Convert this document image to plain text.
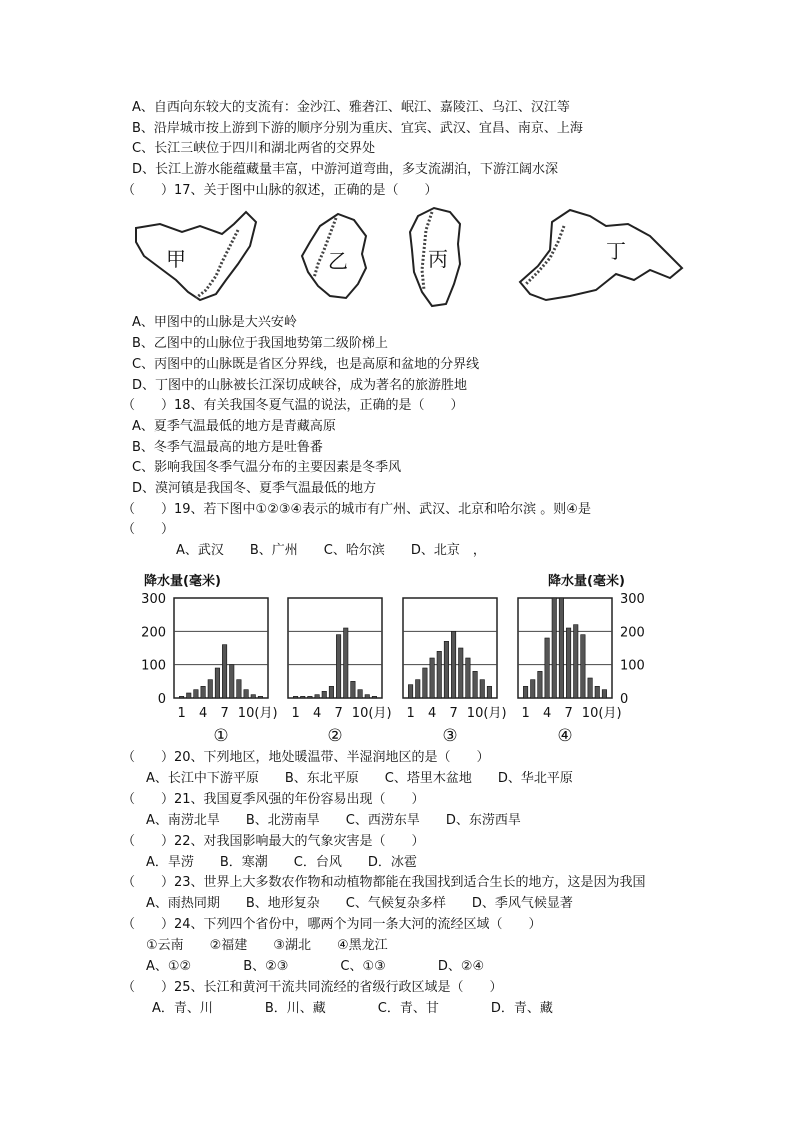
A、自西向东较大的支流有：金沙江、雅砻江、岷江、嘉陵江、乌江、汉江等
B、沿岸城市按上游到下游的顺序分别为重庆、宜宾、武汉、宜昌、南京、上海
C、长江三峡位于四川和湖北两省的交界处
D、长江上游水能蕴藏量丰富，中游河道弯曲，多支流湖泊，下游江阔水深
（　　）17、关于图中山脉的叙述，正确的是（　　）
甲	乙	丙	丁
A、甲图中的山脉是大兴安岭
B、乙图中的山脉位于我国地势第二级阶梯上
C、丙图中的山脉既是省区分界线，也是高原和盆地的分界线
D、丁图中的山脉被长江深切成峡谷，成为著名的旅游胜地
（　　）18、有关我国冬夏气温的说法，正确的是（　　）
A、夏季气温最低的地方是青藏高原
B、冬季气温最高的地方是吐鲁番
C、影响我国冬季气温分布的主要因素是冬季风
D、漠河镇是我国冬、夏季气温最低的地方
（　　）19、若下图中①②③④表示的城市有广州、武汉、北京和哈尔滨 。则④是
（　　）
A、武汉　　B、广州　　C、哈尔滨　　D、北京　，
降水量(毫米)	降水量(毫米)
0	0
100	100
200	200
300	300
1 4 7 10 (月)
①
1 4 7 10 (月)
②
1 4 7 10 (月)
③
1 4 7 10 (月)
④
（　　）20、下列地区，地处暖温带、半湿润地区的是（　　）
A、长江中下游平原　　B、东北平原　　C、塔里木盆地　　D、华北平原
（　　）21、我国夏季风强的年份容易出现（　　）
A、南涝北旱　　B、北涝南旱　　C、西涝东旱　　D、东涝西旱
（　　）22、对我国影响最大的气象灾害是（　　）
A．旱涝　　B．寒潮　　C．台风　　D．冰雹
（　　）23、世界上大多数农作物和动植物都能在我国找到适合生长的地方，这是因为我国
A、雨热同期　　B、地形复杂　　C、气候复杂多样　　D、季风气候显著
（　　）24、下列四个省份中，哪两个为同一条大河的流经区域（　　）
①云南　　②福建　　③湖北　　④黑龙江
A、①②　　　　B、②③　　　　C、①③　　　　D、②④
（　　）25、长江和黄河干流共同流经的省级行政区域是（　　）
A．青、川　　　　B．川、藏　　　　C．青、甘　　　　D．青、藏
